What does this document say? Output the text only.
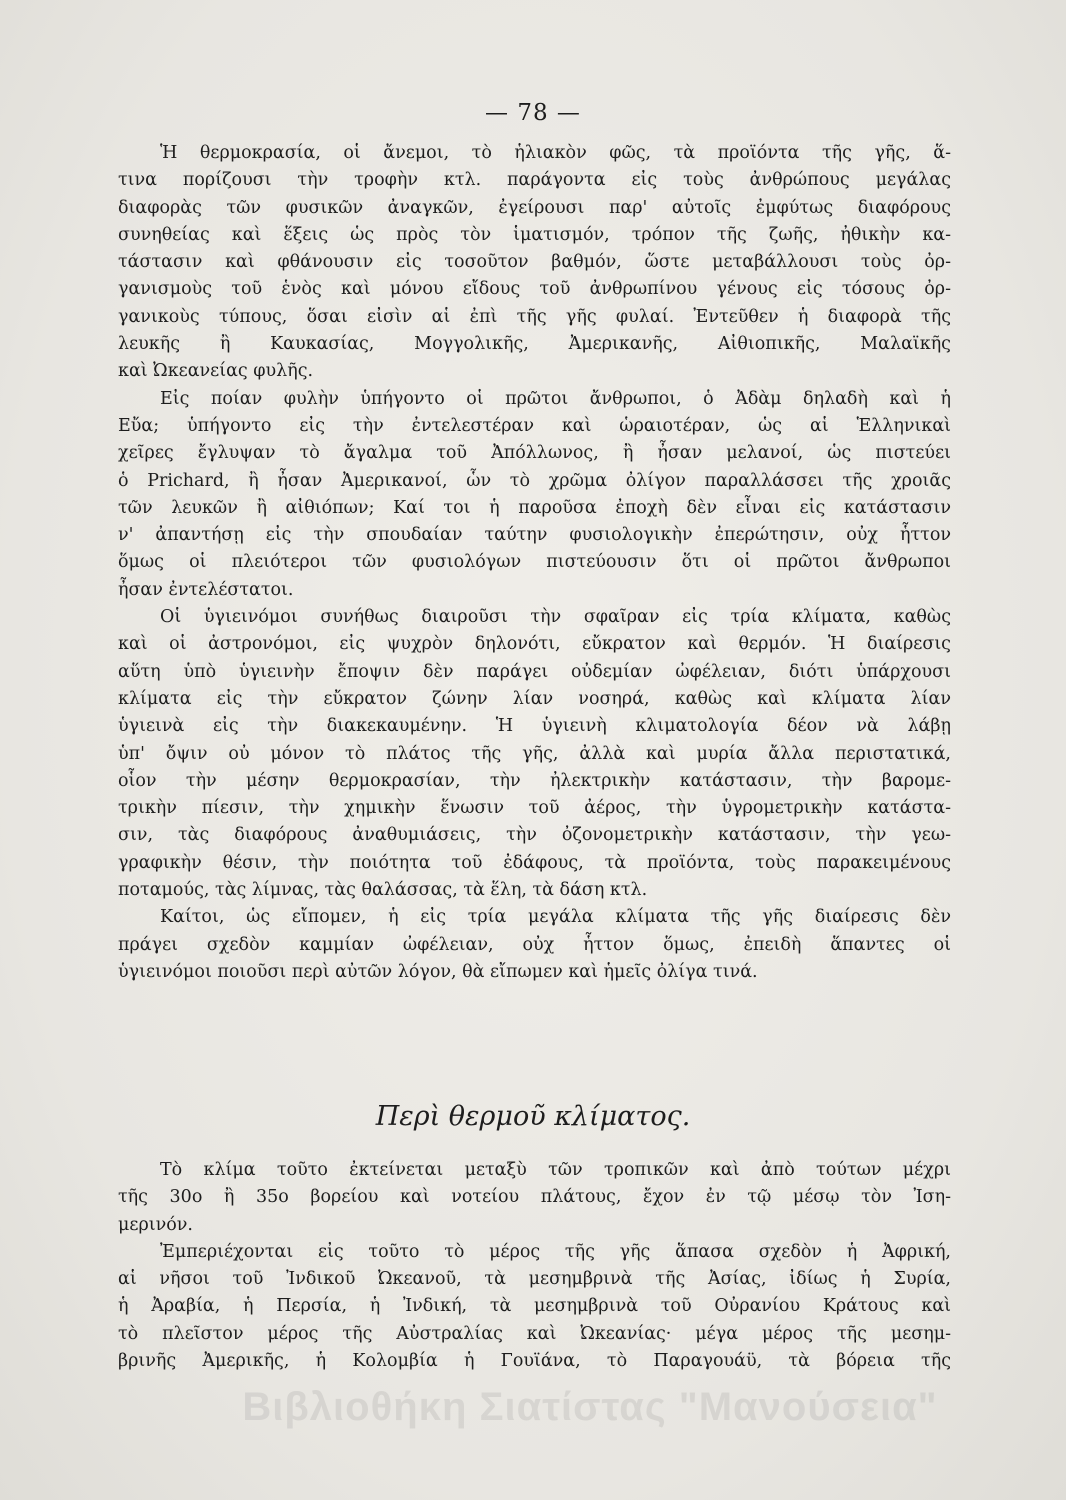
— 78 —
Ἡ θερμοκρασία, οἱ ἄνεμοι, τὸ ἡλιακὸν φῶς, τὰ προϊόντα τῆς γῆς, ἅ-
τινα πορίζουσι τὴν τροφὴν κτλ. παράγοντα εἰς τοὺς ἀνθρώπους μεγάλας
διαφορὰς τῶν φυσικῶν ἀναγκῶν, ἐγείρουσι παρ' αὐτοῖς ἐμφύτως διαφόρους
συνηθείας καὶ ἕξεις ὡς πρὸς τὸν ἱματισμόν, τρόπον τῆς ζωῆς, ἠθικὴν κα-
τάστασιν καὶ φθάνουσιν εἰς τοσοῦτον βαθμόν, ὥστε μεταβάλλουσι τοὺς ὀρ-
γανισμοὺς τοῦ ἑνὸς καὶ μόνου εἴδους τοῦ ἀνθρωπίνου γένους εἰς τόσους ὀρ-
γανικοὺς τύπους, ὅσαι εἰσὶν αἱ ἐπὶ τῆς γῆς φυλαί. Ἐντεῦθεν ἡ διαφορὰ τῆς
λευκῆς ἢ Καυκασίας, Μογγολικῆς, Ἀμερικανῆς, Αἰθιοπικῆς, Μαλαϊκῆς
καὶ Ὠκεανείας φυλῆς.
Εἰς ποίαν φυλὴν ὑπήγοντο οἱ πρῶτοι ἄνθρωποι, ὁ Ἀδὰμ δηλαδὴ καὶ ἡ
Εὔα; ὑπήγοντο εἰς τὴν ἐντελεστέραν καὶ ὡραιοτέραν, ὡς αἱ Ἑλληνικαὶ
χεῖρες ἔγλυψαν τὸ ἄγαλμα τοῦ Ἀπόλλωνος, ἢ ἦσαν μελανοί, ὡς πιστεύει
ὁ Prichard, ἢ ἦσαν Ἀμερικανοί, ὧν τὸ χρῶμα ὀλίγον παραλλάσσει τῆς χροιᾶς
τῶν λευκῶν ἢ αἰθιόπων; Καί τοι ἡ παροῦσα ἐποχὴ δὲν εἶναι εἰς κατάστασιν
ν' ἀπαντήσῃ εἰς τὴν σπουδαίαν ταύτην φυσιολογικὴν ἐπερώτησιν, οὐχ ἧττον
ὅμως οἱ πλειότεροι τῶν φυσιολόγων πιστεύουσιν ὅτι οἱ πρῶτοι ἄνθρωποι
ἦσαν ἐντελέστατοι.
Οἱ ὑγιεινόμοι συνήθως διαιροῦσι τὴν σφαῖραν εἰς τρία κλίματα, καθὼς
καὶ οἱ ἀστρονόμοι, εἰς ψυχρὸν δηλονότι, εὔκρατον καὶ θερμόν. Ἡ διαίρεσις
αὕτη ὑπὸ ὑγιεινὴν ἔποψιν δὲν παράγει οὐδεμίαν ὠφέλειαν, διότι ὑπάρχουσι
κλίματα εἰς τὴν εὔκρατον ζώνην λίαν νοσηρά, καθὼς καὶ κλίματα λίαν
ὑγιεινὰ εἰς τὴν διακεκαυμένην. Ἡ ὑγιεινὴ κλιματολογία δέον νὰ λάβῃ
ὑπ' ὄψιν οὐ μόνον τὸ πλάτος τῆς γῆς, ἀλλὰ καὶ μυρία ἄλλα περιστατικά,
οἷον τὴν μέσην θερμοκρασίαν, τὴν ἠλεκτρικὴν κατάστασιν, τὴν βαρομε-
τρικὴν πίεσιν, τὴν χημικὴν ἕνωσιν τοῦ ἀέρος, τὴν ὑγρομετρικὴν κατάστα-
σιν, τὰς διαφόρους ἀναθυμιάσεις, τὴν ὀζονομετρικὴν κατάστασιν, τὴν γεω-
γραφικὴν θέσιν, τὴν ποιότητα τοῦ ἐδάφους, τὰ προϊόντα, τοὺς παρακειμένους
ποταμούς, τὰς λίμνας, τὰς θαλάσσας, τὰ ἕλη, τὰ δάση κτλ.
Καίτοι, ὡς εἴπομεν, ἡ εἰς τρία μεγάλα κλίματα τῆς γῆς διαίρεσις δὲν
πράγει σχεδὸν καμμίαν ὠφέλειαν, οὐχ ἧττον ὅμως, ἐπειδὴ ἅπαντες οἱ
ὑγιεινόμοι ποιοῦσι περὶ αὐτῶν λόγον, θὰ εἴπωμεν καὶ ἡμεῖς ὀλίγα τινά.
Περὶ θερμοῦ κλίματος.
Τὸ κλίμα τοῦτο ἐκτείνεται μεταξὺ τῶν τροπικῶν καὶ ἀπὸ τούτων μέχρι
τῆς 30ο ἢ 35ο βορείου καὶ νοτείου πλάτους, ἔχον ἐν τῷ μέσῳ τὸν Ἰση-
μερινόν.
Ἐμπεριέχονται εἰς τοῦτο τὸ μέρος τῆς γῆς ἅπασα σχεδὸν ἡ Ἀφρική,
αἱ νῆσοι τοῦ Ἰνδικοῦ Ὠκεανοῦ, τὰ μεσημβρινὰ τῆς Ἀσίας, ἰδίως ἡ Συρία,
ἡ Ἀραβία, ἡ Περσία, ἡ Ἰνδική, τὰ μεσημβρινὰ τοῦ Οὐρανίου Κράτους καὶ
τὸ πλεῖστον μέρος τῆς Αὐστραλίας καὶ Ὠκεανίας· μέγα μέρος τῆς μεσημ-
βρινῆς Ἀμερικῆς, ἡ Κολομβία ἡ Γουϊάνα, τὸ Παραγουάϋ, τὰ βόρεια τῆς
Βιβλιοθήκη Σιατίστας "Μανούσεια"
